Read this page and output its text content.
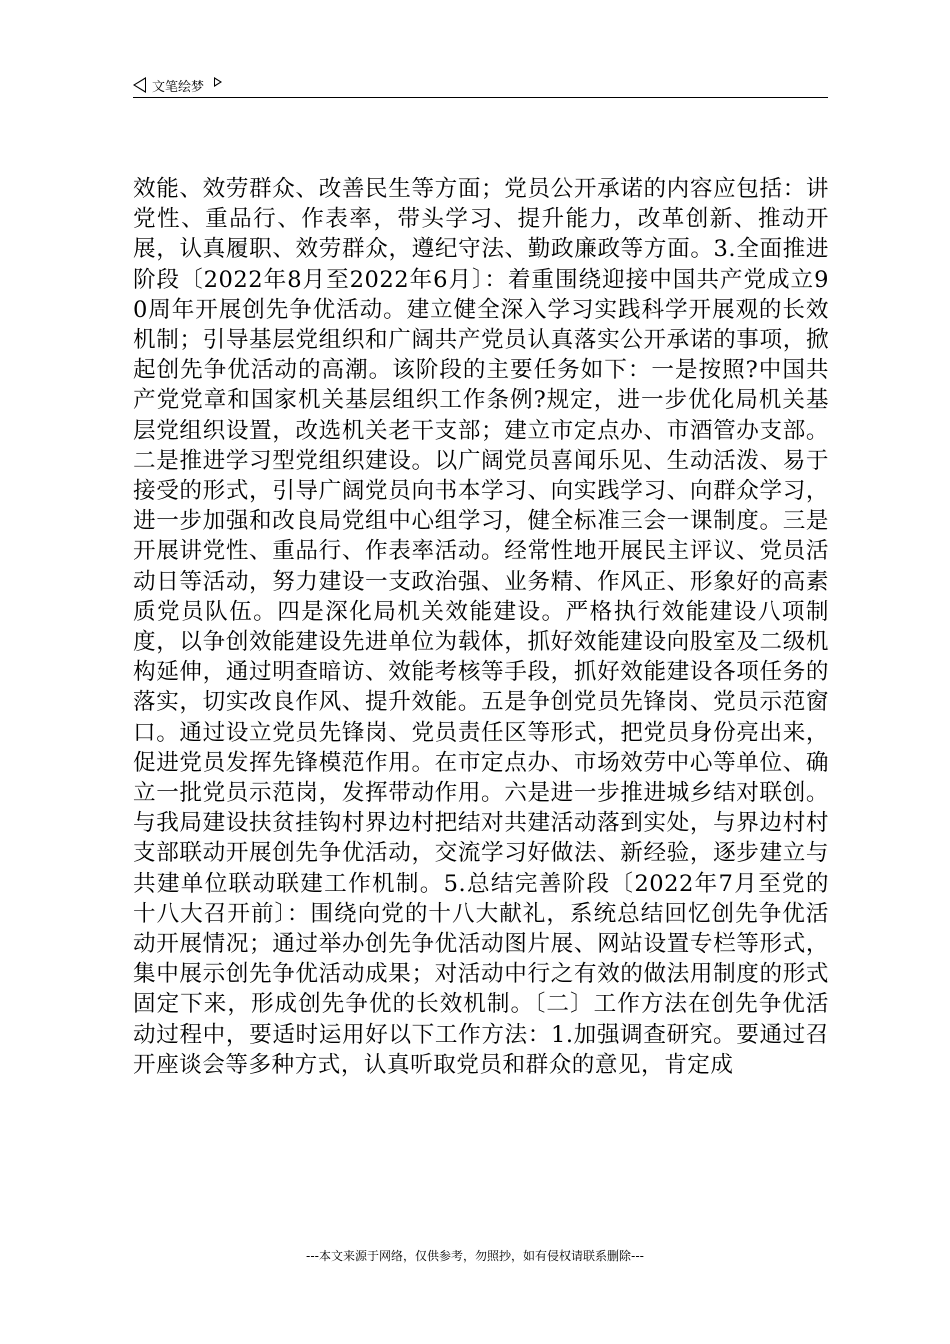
文笔绘梦
效能、效劳群众、改善民生等方面；党员公开承诺的内容应包括：讲党性、重品行、作表率，带头学习、提升能力，改革创新、推动开展，认真履职、效劳群众，遵纪守法、勤政廉政等方面。3.全面推进阶段〔2022年8月至2022年6月〕：着重围绕迎接中国共产党成立90周年开展创先争优活动。建立健全深入学习实践科学开展观的长效机制；引导基层党组织和广阔共产党员认真落实公开承诺的事项，掀起创先争优活动的高潮。该阶段的主要任务如下：一是按照?中国共产党党章和国家机关基层组织工作条例?规定，进一步优化局机关基层党组织设置，改选机关老干支部；建立市定点办、市酒管办支部。二是推进学习型党组织建设。以广阔党员喜闻乐见、生动活泼、易于接受的形式，引导广阔党员向书本学习、向实践学习、向群众学习，进一步加强和改良局党组中心组学习，健全标准三会一课制度。三是开展讲党性、重品行、作表率活动。经常性地开展民主评议、党员活动日等活动，努力建设一支政治强、业务精、作风正、形象好的高素质党员队伍。四是深化局机关效能建设。严格执行效能建设八项制度，以争创效能建设先进单位为载体，抓好效能建设向股室及二级机构延伸，通过明查暗访、效能考核等手段，抓好效能建设各项任务的落实，切实改良作风、提升效能。五是争创党员先锋岗、党员示范窗口。通过设立党员先锋岗、党员责任区等形式，把党员身份亮出来，促进党员发挥先锋模范作用。在市定点办、市场效劳中心等单位、确立一批党员示范岗，发挥带动作用。六是进一步推进城乡结对联创。与我局建设扶贫挂钩村界边村把结对共建活动落到实处，与界边村村支部联动开展创先争优活动，交流学习好做法、新经验，逐步建立与共建单位联动联建工作机制。5.总结完善阶段〔2022年7月至党的十八大召开前〕：围绕向党的十八大献礼，系统总结回忆创先争优活动开展情况；通过举办创先争优活动图片展、网站设置专栏等形式，集中展示创先争优活动成果；对活动中行之有效的做法用制度的形式固定下来，形成创先争优的长效机制。〔二〕工作方法在创先争优活动过程中，要适时运用好以下工作方法：1.加强调查研究。要通过召开座谈会等多种方式，认真听取党员和群众的意见，肯定成
---本文来源于网络，仅供参考，勿照抄，如有侵权请联系删除---
